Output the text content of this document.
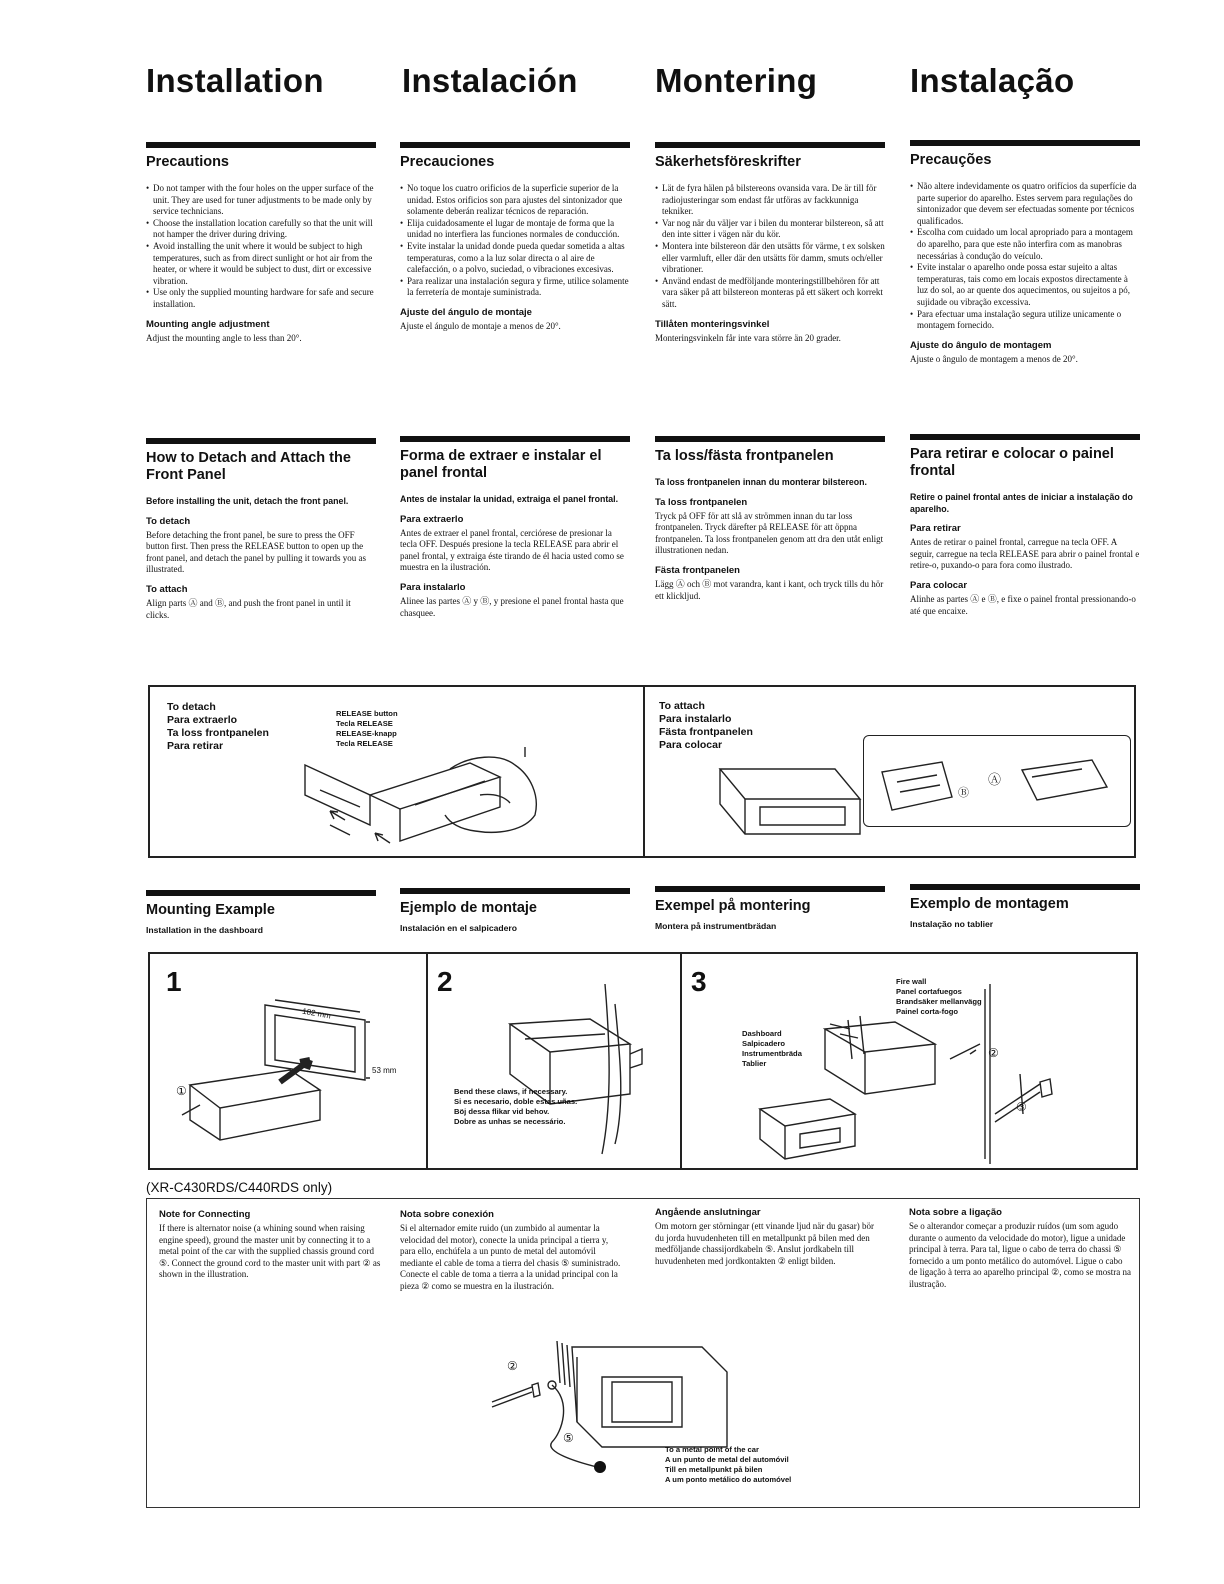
Installation Instalación Montering	Instalação
Precautions
• Do not tamper with the four holes on the upper surface of the unit. They are used for tuner adjustments to be made only by service technicians.
• Choose the installation location carefully so that the unit will not hamper the driver during driving.
• Avoid installing the unit where it would be subject to high temperatures, such as from direct sunlight or hot air from the heater, or where it would be subject to dust, dirt or excessive vibration.
• Use only the supplied mounting hardware for safe and secure installation.
Mounting angle adjustment

Adjust the mounting angle to less than 20°.

Precauciones
• No toque los cuatro orificios de la superficie superior de la unidad. Estos orificios son para ajustes del sintonizador que solamente deberán realizar técnicos de reparación.
• Elija cuidadosamente el lugar de montaje de forma que la unidad no interfiera las funciones normales de conducción.
• Evite instalar la unidad donde pueda quedar sometida a altas temperaturas, como a la luz solar directa o al aire de calefacción, o a polvo, suciedad, o vibraciones excesivas.
• Para realizar una instalación segura y firme, utilice solamente la ferretería de montaje suministrada.
Ajuste del ángulo de montaje

Ajuste el ángulo de montaje a menos de 20°.

Säkerhetsföreskrifter
• Lät de fyra hälen på bilstereons ovansida vara. De är till för radiojusteringar som endast får utföras av fackkunniga tekniker.
• Var nog när du väljer var i bilen du monterar bilstereon, så att den inte sitter i vägen när du kör.
• Montera inte bilstereon där den utsätts för värme, t ex solsken eller varmluft, eller där den utsätts för damm, smuts och/eller vibrationer.
• Använd endast de medföljande monteringstillbehören för att vara säker på att bilstereon monteras på ett säkert och korrekt sätt.
Tillåten monteringsvinkel

Monteringsvinkeln får inte vara större än 20 grader.

Precauções
• Não altere indevidamente os quatro orifícios da superfície da parte superior do aparelho. Estes servem para regulações do sintonizador que devem ser efectuadas somente por técnicos qualificados.
• Escolha com cuidado um local apropriado para a montagem do aparelho, para que este não interfira com as manobras necessárias à condução do veículo.
• Evite instalar o aparelho onde possa estar sujeito a altas temperaturas, tais como em locais expostos directamente à luz do sol, ao ar quente dos aquecimentos, ou sujeitos a pó, sujidade ou vibração excessiva.
• Para efectuar uma instalação segura utilize unicamente o montagem fornecido.
Ajuste do ângulo de montagem

Ajuste o ângulo de montagem a menos de 20°.

How to Detach and Attach the Front Panel

Before installing the unit, detach the front panel.

To detach

Before detaching the front panel, be sure to press the OFF button first. Then press the RELEASE button to open up the front panel, and detach the panel by pulling it towards you as illustrated.

To attach

Align parts Ⓐ and Ⓑ, and push the front panel in until it clicks.

Forma de extraer e instalar el panel frontal

Antes de instalar la unidad, extraiga el panel frontal.

Para extraerlo

Antes de extraer el panel frontal, cerciórese de presionar la tecla OFF. Después presione la tecla RELEASE para abrir el panel frontal, y extraiga éste tirando de él hacia usted como se muestra en la ilustración.

Para instalarlo

Alinee las partes Ⓐ y Ⓑ, y presione el panel frontal hasta que chasquee.

Ta loss/fästa frontpanelen

Ta loss frontpanelen innan du monterar bilstereon.

Ta loss frontpanelen

Tryck på OFF för att slå av strömmen innan du tar loss frontpanelen. Tryck därefter på RELEASE för att öppna frontpanelen. Ta loss frontpanelen genom att dra den utåt enligt illustrationen nedan.

Fästa frontpanelen

Lägg Ⓐ och Ⓑ mot varandra, kant i kant, och tryck tills du hör ett klickljud.

Para retirar e colocar o painel frontal

Retire o painel frontal antes de iniciar a instalação do aparelho.

Para retirar

Antes de retirar o painel frontal, carregue na tecla OFF. A seguir, carregue na tecla RELEASE para abrir o painel frontal e retire-o, puxando-o para fora como ilustrado.

Para colocar

Alinhe as partes Ⓐ e Ⓑ, e fixe o painel frontal pressionando-o até que encaixe.

To detach
Para extraerlo
Ta loss frontpanelen
Para retirar
RELEASE button
Tecla RELEASE
RELEASE-knapp
Tecla RELEASE
To attach
Para instalarlo
Fästa frontpanelen
Para colocar
Ⓐ
Ⓑ
Mounting Example
Installation in the dashboard
Ejemplo de montaje
Instalación en el salpicadero
Exempel på montering
Montera på instrumentbrädan
Exemplo de montagem
Instalação no tablier
1
182 mm
53 mm
①
2
Bend these claws, if necessary.
Si es necesario, doble estas uñas.
Böj dessa flikar vid behov.
Dobre as unhas se necessário.
3
Dashboard
Salpicadero
Instrumentbräda
Tablier
Fire wall
Panel cortafuegos
Brandsäker mellanvägg
Painel corta-fogo
②
③
(XR-C430RDS/C440RDS only)
Note for Connecting

If there is alternator noise (a whining sound when raising engine speed), ground the master unit by connecting it to a metal point of the car with the supplied chassis ground cord ⑤. Connect the ground cord to the master unit with part ② as shown in the illustration.

Nota sobre conexión

Si el alternador emite ruido (un zumbido al aumentar la velocidad del motor), conecte la unida principal a tierra y, para ello, enchúfela a un punto de metal del automóvil mediante el cable de toma a tierra del chasis ⑤ suministrado. Conecte el cable de toma a tierra a la unidad principal con la pieza ② como se muestra en la ilustración.

Angående anslutningar

Om motorn ger störningar (ett vinande ljud när du gasar) bör du jorda huvudenheten till en metallpunkt på bilen med den medföljande chassijordkabeln ⑤. Anslut jordkabeln till huvudenheten med jordkontakten ② enligt bilden.

Nota sobre a ligação

Se o alterandor começar a produzir ruídos (um som agudo durante o aumento da velocidade do motor), ligue a unidade principal à terra. Para tal, ligue o cabo de terra do chassi ⑤ fornecido a um ponto metálico do automóvel. Ligue o cabo de ligação à terra ao aparelho principal ②, como se mostra na ilustração.

②
⑤
To a metal point of the car
A un punto de metal del automóvil
Till en metallpunkt på bilen
A um ponto metálico do automóvel
